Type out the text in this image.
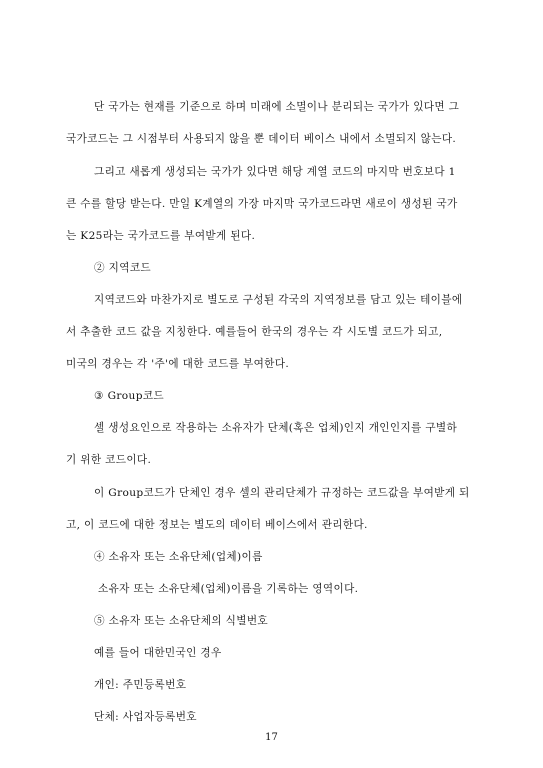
단 국가는 현재를 기준으로 하며 미래에 소멸이나 분리되는 국가가 있다면 그
국가코드는 그 시점부터 사용되지 않을 뿐 데이터 베이스 내에서 소멸되지 않는다.
그리고 새롭게 생성되는 국가가 있다면 해당 계열 코드의 마지막 번호보다 1
큰 수를 할당 받는다. 만일 K계열의 가장 마지막 국가코드라면 새로이 생성된 국가
는 K25라는 국가코드를 부여받게 된다.
② 지역코드
지역코드와 마찬가지로 별도로 구성된 각국의 지역정보를 담고 있는 테이블에
서 추출한 코드 값을 지칭한다. 예를들어 한국의 경우는 각 시도별 코드가 되고,
미국의 경우는 각 '주'에 대한 코드를 부여한다.
③ Group코드
셀 생성요인으로 작용하는 소유자가 단체(혹은 업체)인지 개인인지를 구별하
기 위한 코드이다.
이 Group코드가 단체인 경우 셀의 관리단체가 규정하는 코드값을 부여받게 되
고, 이 코드에 대한 정보는 별도의 데이터 베이스에서 관리한다.
④ 소유자 또는 소유단체(업체)이름
소유자 또는 소유단체(업체)이름을 기록하는 영역이다.
⑤ 소유자 또는 소유단체의 식별번호
예를 들어 대한민국인 경우
개인: 주민등록번호
단체: 사업자등록번호
17
